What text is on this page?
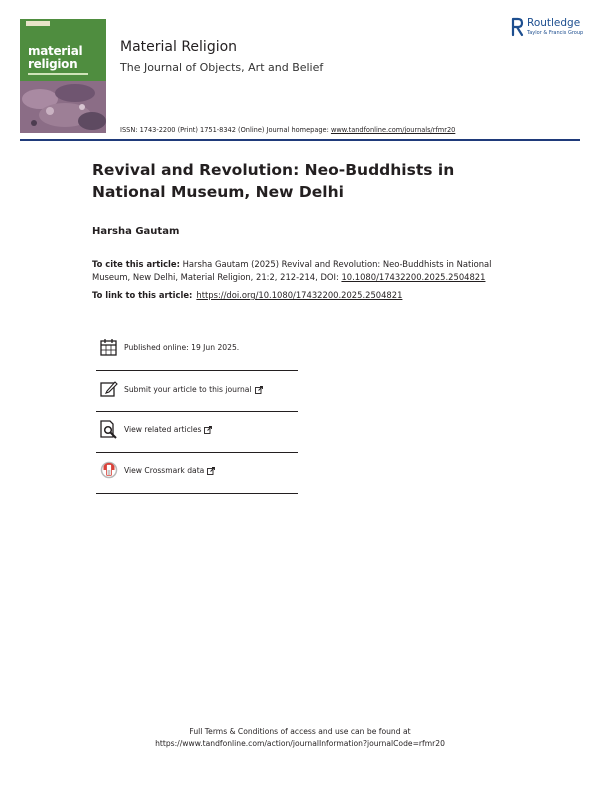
material
religion
Material Religion
The Journal of Objects, Art and Belief
Routledge
Taylor & Francis Group
ISSN: 1743-2200 (Print) 1751-8342 (Online) Journal homepage: www.tandfonline.com/journals/rfmr20
Revival and Revolution: Neo-Buddhists in National Museum, New Delhi
Harsha Gautam
To cite this article: Harsha Gautam (2025) Revival and Revolution: Neo-Buddhists in National Museum, New Delhi, Material Religion, 21:2, 212-214, DOI: 10.1080/17432200.2025.2504821
To link to this article: https://doi.org/10.1080/17432200.2025.2504821
Published online: 19 Jun 2025.
Submit your article to this journal
View related articles
View Crossmark data
Full Terms & Conditions of access and use can be found at
https://www.tandfonline.com/action/journalInformation?journalCode=rfmr20
